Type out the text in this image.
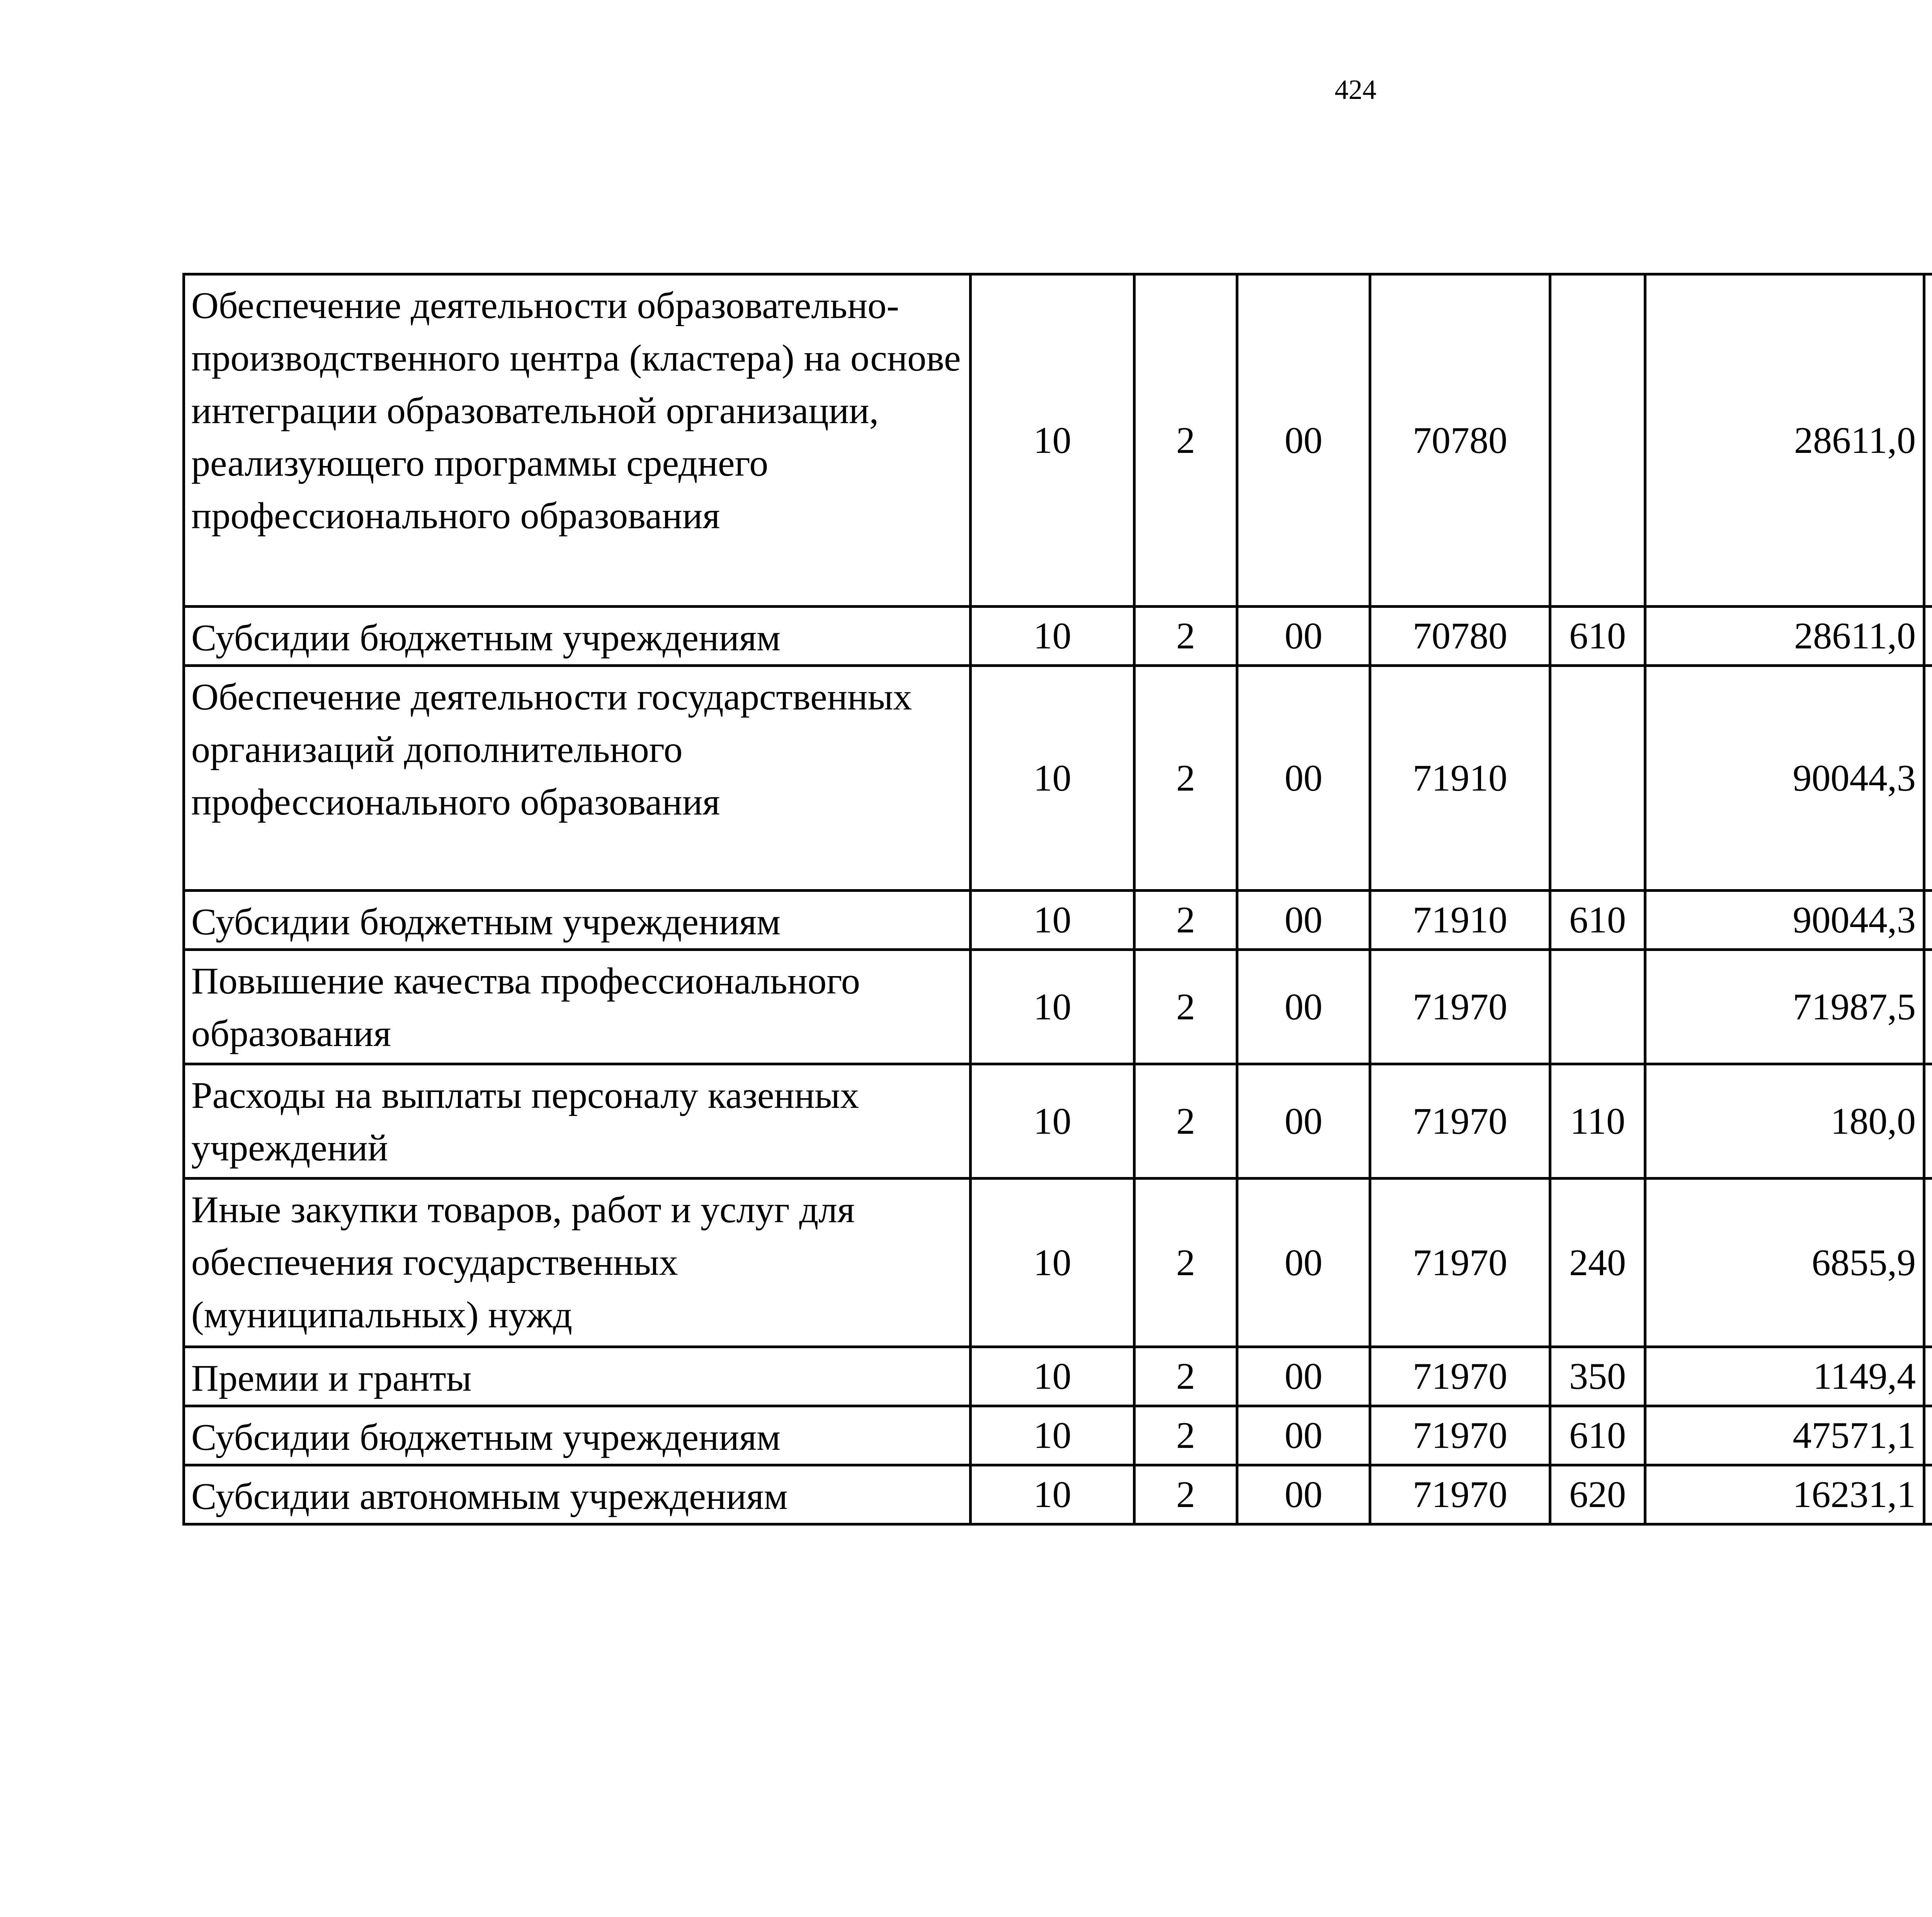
424
Обеспечение деятельности образовательно-производственного центра (кластера) на основе интеграции образовательной организации, реализующего программы среднего профессионального образования	10	2	00	70780		28611,0		
Субсидии бюджетным учреждениям	10	2	00	70780	610	28611,0		
Обеспечение деятельности государственных организаций дополнительного профессионального образования	10	2	00	71910		90044,3		
Субсидии бюджетным учреждениям	10	2	00	71910	610	90044,3		
Повышение качества профессионального образования	10	2	00	71970		71987,5		
Расходы на выплаты персоналу казенных учреждений	10	2	00	71970	110	180,0		
Иные закупки товаров, работ и услуг для обеспечения государственных (муниципальных) нужд	10	2	00	71970	240	6855,9		
Премии и гранты	10	2	00	71970	350	1149,4		
Субсидии бюджетным учреждениям	10	2	00	71970	610	47571,1		
Субсидии автономным учреждениям	10	2	00	71970	620	16231,1		
